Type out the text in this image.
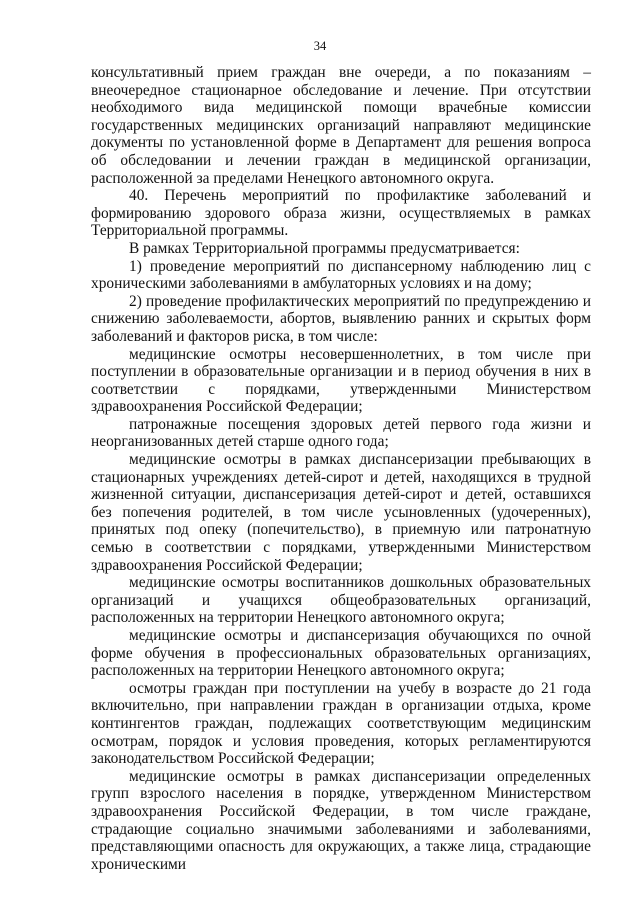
34

консультативный прием граждан вне очереди, а по показаниям – внеочередное стационарное обследование и лечение. При отсутствии необходимого вида медицинской помощи врачебные комиссии государственных медицинских организаций направляют медицинские документы по установленной форме в Департамент для решения вопроса об обследовании и лечении граждан в медицинской организации, расположенной за пределами Ненецкого автономного округа.

40. Перечень мероприятий по профилактике заболеваний и формированию здорового образа жизни, осуществляемых в рамках Территориальной программы.

В рамках Территориальной программы предусматривается:

1) проведение мероприятий по диспансерному наблюдению лиц с хроническими заболеваниями в амбулаторных условиях и на дому;

2) проведение профилактических мероприятий по предупреждению и снижению заболеваемости, абортов, выявлению ранних и скрытых форм заболеваний и факторов риска, в том числе:

медицинские осмотры несовершеннолетних, в том числе при поступлении в образовательные организации и в период обучения в них в соответствии с порядками, утвержденными Министерством здравоохранения Российской Федерации;

патронажные посещения здоровых детей первого года жизни и неорганизованных детей старше одного года;

медицинские осмотры в рамках диспансеризации пребывающих в стационарных учреждениях детей-сирот и детей, находящихся в трудной жизненной ситуации, диспансеризация детей-сирот и детей, оставшихся без попечения родителей, в том числе усыновленных (удочеренных), принятых под опеку (попечительство), в приемную или патронатную семью в соответствии с порядками, утвержденными Министерством здравоохранения Российской Федерации;

медицинские осмотры воспитанников дошкольных образовательных организаций и учащихся общеобразовательных организаций, расположенных на территории Ненецкого автономного округа;

медицинские осмотры и диспансеризация обучающихся по очной форме обучения в профессиональных образовательных организациях, расположенных на территории Ненецкого автономного округа;

осмотры граждан при поступлении на учебу в возрасте до 21 года включительно, при направлении граждан в организации отдыха, кроме контингентов граждан, подлежащих соответствующим медицинским осмотрам, порядок и условия проведения, которых регламентируются законодательством Российской Федерации;

медицинские осмотры в рамках диспансеризации определенных групп взрослого населения в порядке, утвержденном Министерством здравоохранения Российской Федерации, в том числе граждане, страдающие социально значимыми заболеваниями и заболеваниями, представляющими опасность для окружающих, а также лица, страдающие хроническими
